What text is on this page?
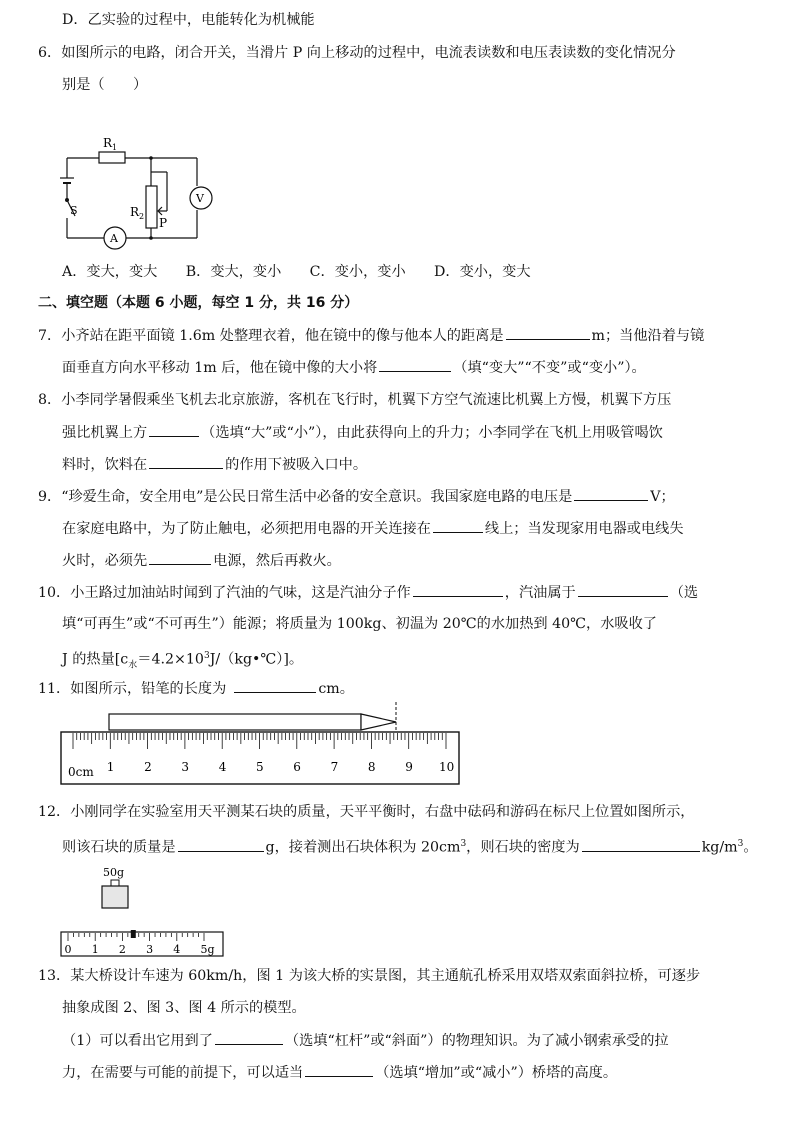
D．乙实验的过程中，电能转化为机械能
6．如图所示的电路，闭合开关，当滑片 P 向上移动的过程中，电流表读数和电压表读数的变化情况分
别是（　　）
$R_1$
$R_2$ P
S
V
A
A．变大，变大　　B．变大，变小　　C．变小，变小　　D．变小，变大
二、填空题（本题 6 小题，每空 1 分，共 16 分）
7．小齐站在距平面镜 1.6m 处整理衣着，他在镜中的像与他本人的距离是	m；当他沿着与镜
面垂直方向水平移动 1m 后，他在镜中像的大小将	（填“变大”“不变”或“变小”）。
8．小李同学暑假乘坐飞机去北京旅游，客机在飞行时，机翼下方空气流速比机翼上方慢，机翼下方压
强比机翼上方	（选填“大”或“小”），由此获得向上的升力；小李同学在飞机上用吸管喝饮
料时，饮料在	的作用下被吸入口中。
9．“珍爱生命，安全用电”是公民日常生活中必备的安全意识。我国家庭电路的电压是	V；
在家庭电路中，为了防止触电，必须把用电器的开关连接在	线上；当发现家用电器或电线失
火时，必须先	电源，然后再救火。
10．小王路过加油站时闻到了汽油的气味，这是汽油分子作	，汽油属于	（选
填“可再生”或“不可再生”）能源；将质量为 100kg、初温为 20℃的水加热到 40℃，水吸收了
J 的热量$[c_水=4.2\times 10^3J/(kg•℃)]$。
11．如图所示，铅笔的长度为	cm。
0cm 1 2 3 4 5 6 7 8 9 10
12．小刚同学在实验室用天平测某石块的质量，天平平衡时，右盘中砝码和游码在标尺上位置如图所示，
则该石块的质量是	g，接着测出石块体积为 $20cm^3$，则石块的密度为	$kg/m^3$。
50g
0 1 2 3 4 5g
13．某大桥设计车速为 60km/h，图 1 为该大桥的实景图，其主通航孔桥采用双塔双索面斜拉桥，可逐步
抽象成图 2、图 3、图 4 所示的模型。
（1）可以看出它用到了	（选填“杠杆”或“斜面”）的物理知识。为了减小钢索承受的拉
力，在需要与可能的前提下，可以适当	（选填“增加”或“减小”）桥塔的高度。
